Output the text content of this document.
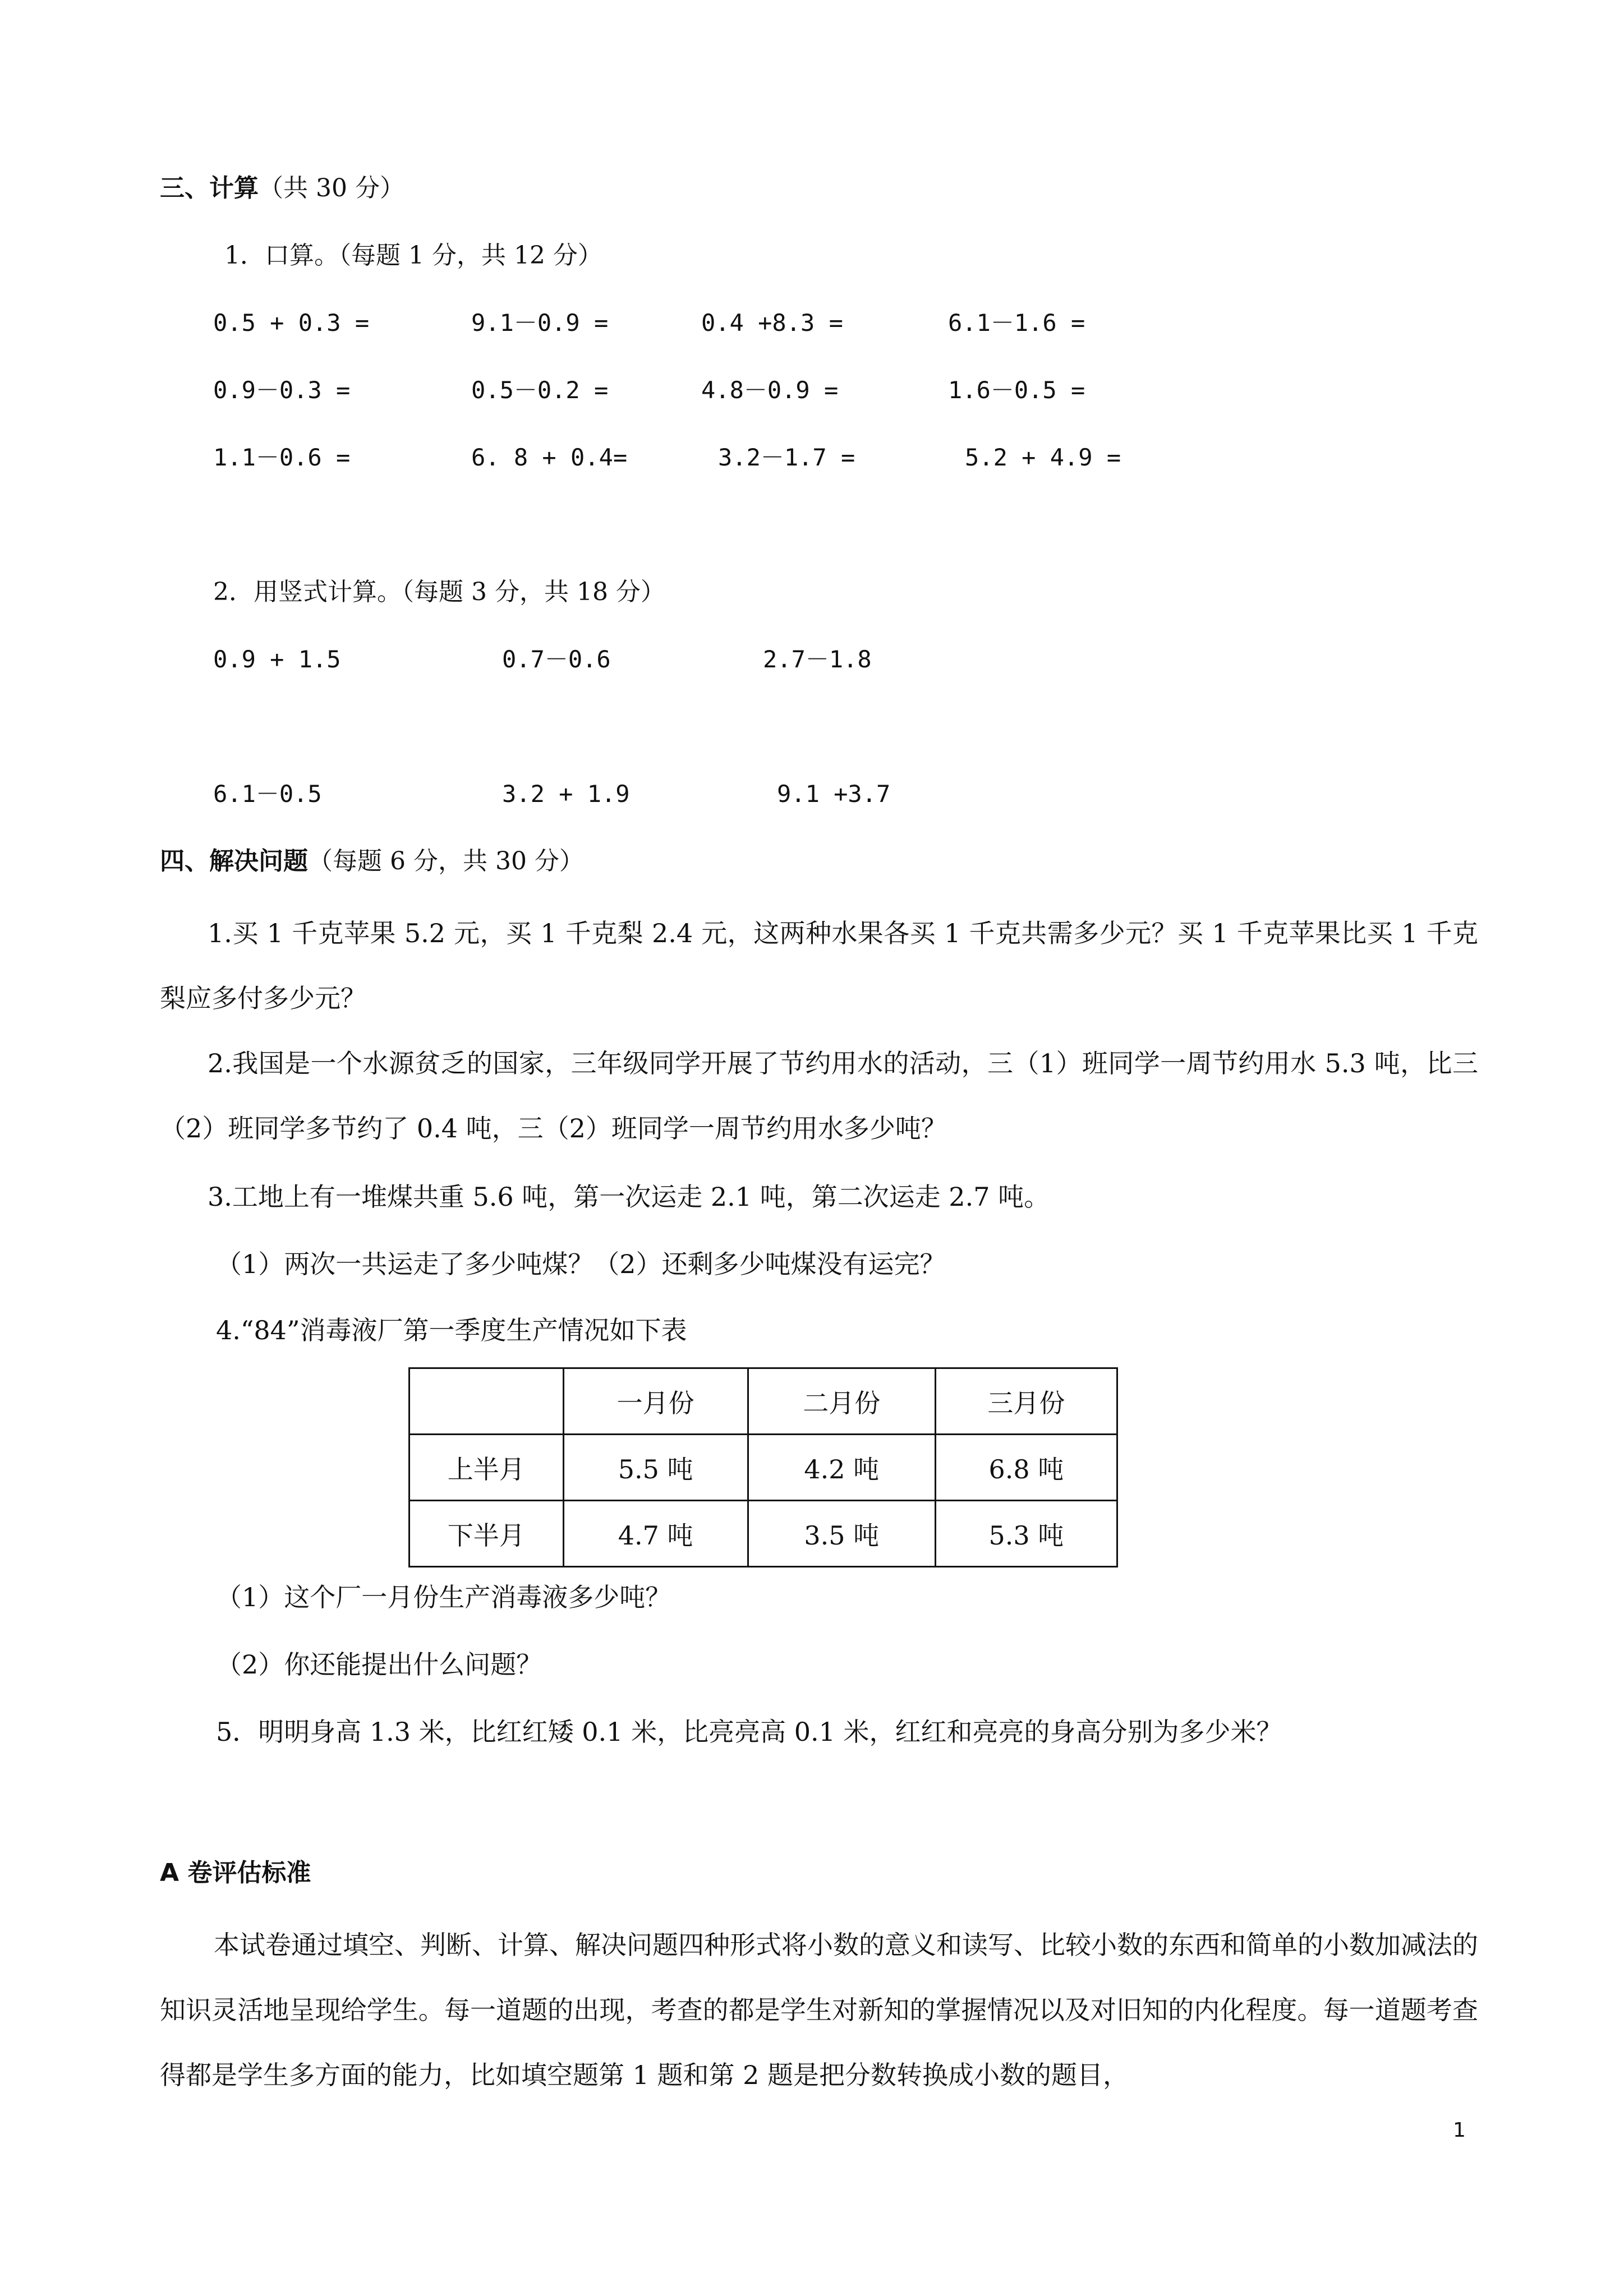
三、计算（共 30 分）
1．口算。（每题 1 分，共 12 分）
0.5 + 0.3 =	9.1－0.9 =	0.4 +8.3 =	6.1－1.6 =
0.9－0.3 =	0.5－0.2 =	4.8－0.9 =	1.6－0.5 =
1.1－0.6 =	6. 8 + 0.4=	3.2－1.7 =	5.2 + 4.9 =
2．用竖式计算。（每题 3 分，共 18 分）
0.9 + 1.5	0.7－0.6	2.7－1.8
6.1－0.5	3.2 + 1.9	9.1 +3.7
四、解决问题（每题 6 分，共 30 分）
1.买 1 千克苹果 5.2 元，买 1 千克梨 2.4 元，这两种水果各买 1 千克共需多少元？买 1 千克苹果比买 1 千克梨应多付多少元？
2.我国是一个水源贫乏的国家，三年级同学开展了节约用水的活动，三（1）班同学一周节约用水 5.3 吨，比三（2）班同学多节约了 0.4 吨，三（2）班同学一周节约用水多少吨？
3.工地上有一堆煤共重 5.6 吨，第一次运走 2.1 吨，第二次运走 2.7 吨。
（1）两次一共运走了多少吨煤？（2）还剩多少吨煤没有运完？
4.“84”消毒液厂第一季度生产情况如下表
	一月份	二月份	三月份
上半月	5.5 吨	4.2 吨	6.8 吨
下半月	4.7 吨	3.5 吨	5.3 吨
（1）这个厂一月份生产消毒液多少吨？
（2）你还能提出什么问题？
5．明明身高 1.3 米，比红红矮 0.1 米，比亮亮高 0.1 米，红红和亮亮的身高分别为多少米？
A 卷评估标准
本试卷通过填空、判断、计算、解决问题四种形式将小数的意义和读写、比较小数的东西和简单的小数加减法的知识灵活地呈现给学生。每一道题的出现，考查的都是学生对新知的掌握情况以及对旧知的内化程度。每一道题考查得都是学生多方面的能力，比如填空题第 1 题和第 2 题是把分数转换成小数的题目，
1
